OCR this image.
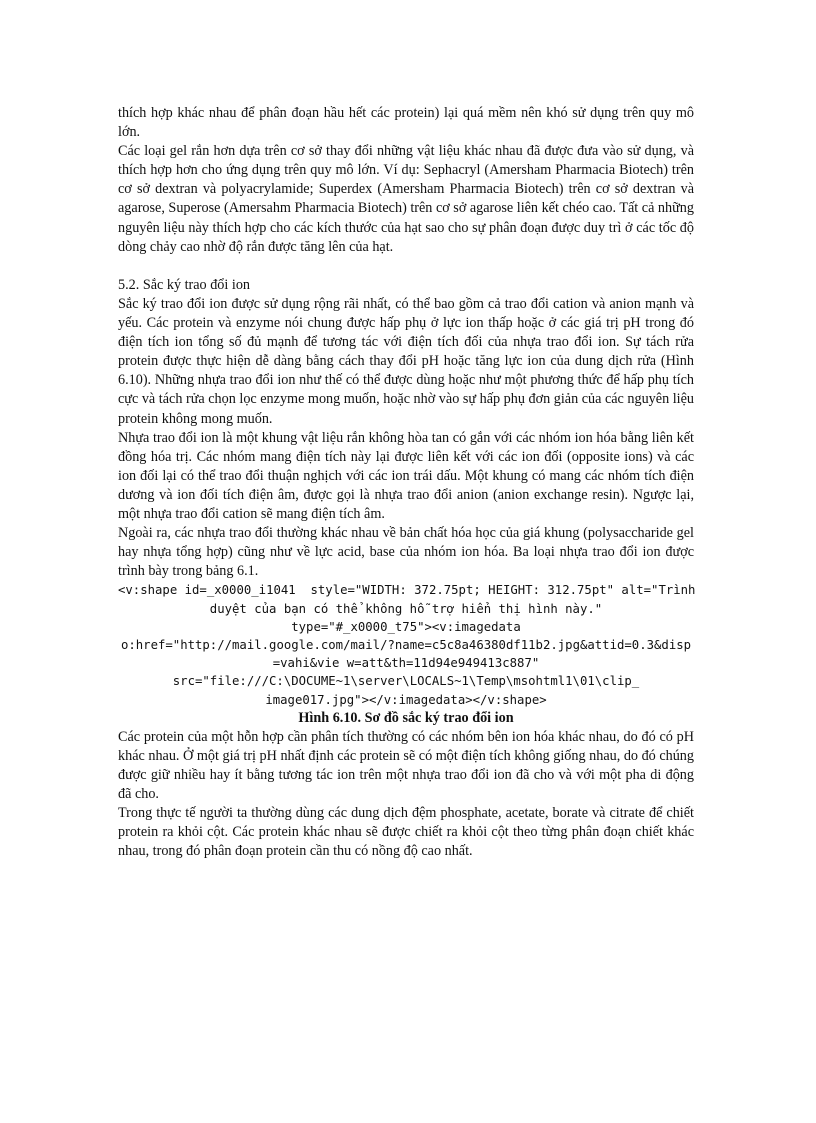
thích hợp khác nhau để phân đoạn hầu hết các protein) lại quá mềm nên khó sử dụng trên quy mô lớn.

Các loại gel rắn hơn dựa trên cơ sở thay đổi những vật liệu khác nhau đã được đưa vào sử dụng, và thích hợp hơn cho ứng dụng trên quy mô lớn. Ví dụ: Sephacryl (Amersham Pharmacia Biotech) trên cơ sở dextran và polyacrylamide; Superdex (Amersham Pharmacia Biotech) trên cơ sở dextran và agarose, Superose (Amersahm Pharmacia Biotech) trên cơ sở agarose liên kết chéo cao. Tất cả những nguyên liệu này thích hợp cho các kích thước của hạt sao cho sự phân đoạn được duy trì ở các tốc độ dòng chảy cao nhờ độ rắn được tăng lên của hạt.

5.2. Sắc ký trao đổi ion

Sắc ký trao đổi ion được sử dụng rộng rãi nhất, có thể bao gồm cả trao đổi cation và anion mạnh và yếu. Các protein và enzyme nói chung được hấp phụ ở lực ion thấp hoặc ở các giá trị pH trong đó điện tích ion tổng số đủ mạnh để tương tác với điện tích đối của nhựa trao đổi ion. Sự tách rửa protein được thực hiện dễ dàng bằng cách thay đổi pH hoặc tăng lực ion của dung dịch rửa (Hình 6.10). Những nhựa trao đổi ion như thế có thể được dùng hoặc như một phương thức để hấp phụ tích cực và tách rửa chọn lọc enzyme mong muốn, hoặc nhờ vào sự hấp phụ đơn giản của các nguyên liệu protein không mong muốn.

Nhựa trao đổi ion là một khung vật liệu rắn không hòa tan có gắn với các nhóm ion hóa bằng liên kết đồng hóa trị. Các nhóm mang điện tích này lại được liên kết với các ion đối (opposite ions) và các ion đối lại có thể trao đổi thuận nghịch với các ion trái dấu. Một khung có mang các nhóm tích điện dương và ion đối tích điện âm, được gọi là nhựa trao đổi anion (anion exchange resin). Ngược lại, một nhựa trao đổi cation sẽ mang điện tích âm.

Ngoài ra, các nhựa trao đổi thường khác nhau về bản chất hóa học của giá khung (polysaccharide gel hay nhựa tổng hợp) cũng như về lực acid, base của nhóm ion hóa. Ba loại nhựa trao đổi ion được trình bày trong bảng 6.1.

<v:shape id=_x0000_i1041  style="WIDTH: 372.75pt; HEIGHT: 312.75pt" alt="Trình
duyệt của bạn có thể không hỗ trợ hiển thị hình này."
type="#_x0000_t75"><v:imagedata
o:href="http://mail.google.com/mail/?name=c5c8a46380df11b2.jpg&attid=0.3&disp
=vahi&vie w=att&th=11d94e949413c887"
src="file:///C:\DOCUME~1\server\LOCALS~1\Temp\msohtml1\01\clip_
image017.jpg"></v:imagedata></v:shape>

Hình 6.10. Sơ đồ sắc ký trao đổi ion

Các protein của một hỗn hợp cần phân tích thường có các nhóm bên ion hóa khác nhau, do đó có pH khác nhau. Ở một giá trị pH nhất định các protein sẽ có một điện tích không giống nhau, do đó chúng được giữ nhiều hay ít bằng tương tác ion trên một nhựa trao đổi ion đã cho và với một pha di động đã cho.

Trong thực tế người ta thường dùng các dung dịch đệm phosphate, acetate, borate và citrate để chiết protein ra khỏi cột. Các protein khác nhau sẽ được chiết ra khỏi cột theo từng phân đoạn chiết khác nhau, trong đó phân đoạn protein cần thu có nồng độ cao nhất.
